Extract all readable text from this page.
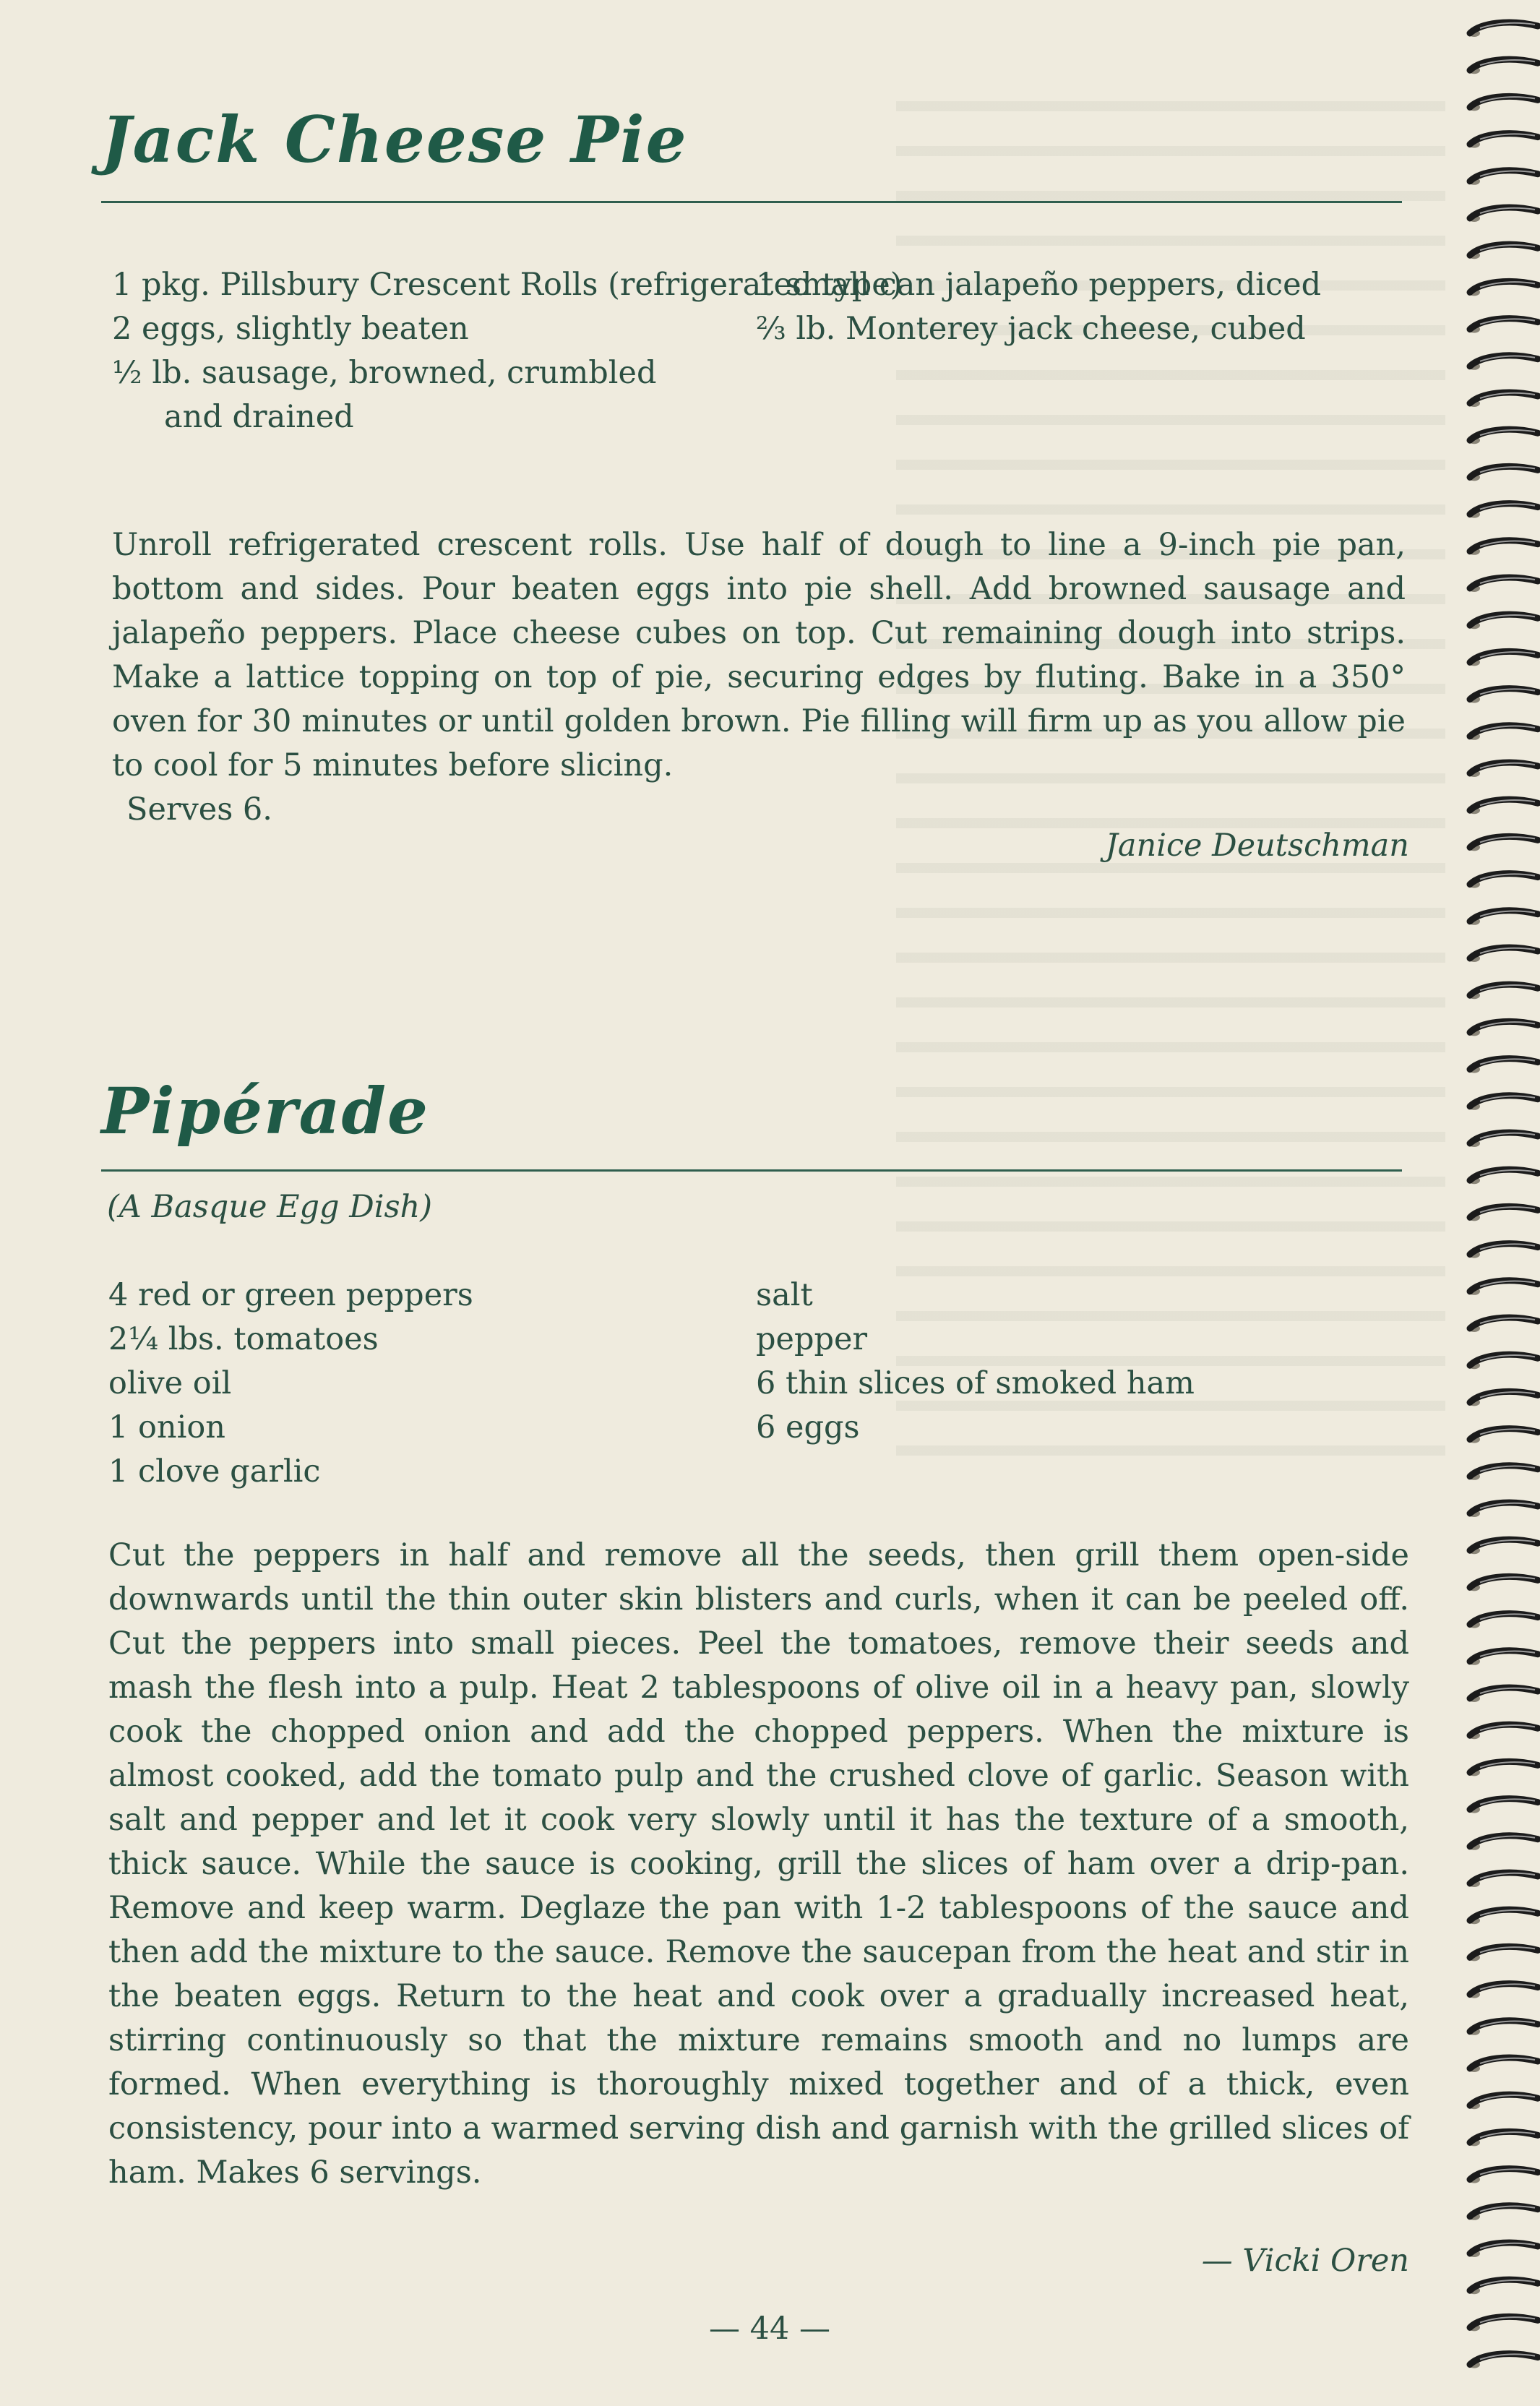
Jack Cheese Pie
1 pkg. Pillsbury Crescent Rolls (refrigerated type)
2 eggs, slightly beaten
½ lb. sausage, browned, crumbled and drained
1 small can jalapeño peppers, diced
⅔ lb. Monterey jack cheese, cubed

Unroll refrigerated crescent rolls. Use half of dough to line a 9-inch pie pan, bottom and sides. Pour beaten eggs into pie shell. Add browned sausage and jalapeño peppers. Place cheese cubes on top. Cut remaining dough into strips. Make a lattice topping on top of pie, securing edges by fluting. Bake in a 350° oven for 30 minutes or until golden brown. Pie filling will firm up as you allow pie to cool for 5 minutes before slicing.

Serves 6.

Janice Deutschman

Pipérade

(A Basque Egg Dish)

4 red or green peppers
2¼ lbs. tomatoes
olive oil
1 onion
1 clove garlic
salt
pepper
6 thin slices of smoked ham
6 eggs

Cut the peppers in half and remove all the seeds, then grill them open-side downwards until the thin outer skin blisters and curls, when it can be peeled off. Cut the peppers into small pieces. Peel the tomatoes, remove their seeds and mash the flesh into a pulp. Heat 2 tablespoons of olive oil in a heavy pan, slowly cook the chopped onion and add the chopped peppers. When the mixture is almost cooked, add the tomato pulp and the crushed clove of garlic. Season with salt and pepper and let it cook very slowly until it has the texture of a smooth, thick sauce. While the sauce is cooking, grill the slices of ham over a drip-pan. Remove and keep warm. Deglaze the pan with 1-2 tablespoons of the sauce and then add the mixture to the sauce. Remove the saucepan from the heat and stir in the beaten eggs. Return to the heat and cook over a gradually increased heat, stirring continuously so that the mixture remains smooth and no lumps are formed. When everything is thoroughly mixed together and of a thick, even consistency, pour into a warmed serving dish and garnish with the grilled slices of ham. Makes 6 servings.

— Vicki Oren

— 44 —
